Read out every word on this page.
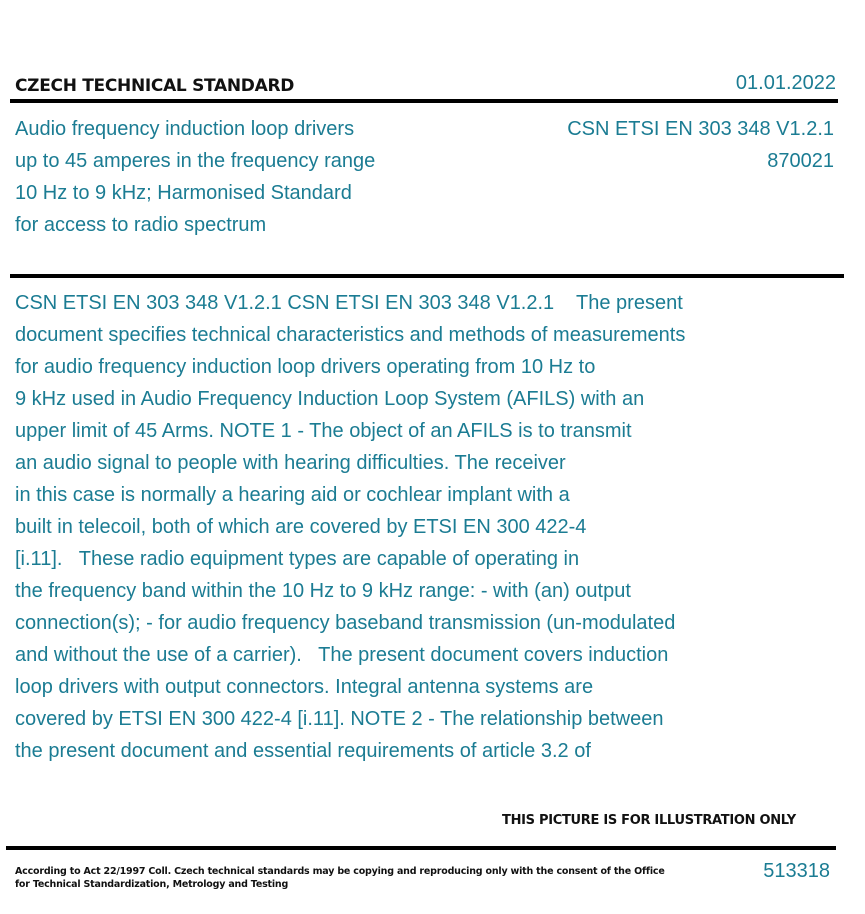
CZECH TECHNICAL STANDARD	01.01.2022
Audio frequency induction loop drivers
up to 45 amperes in the frequency range
10 Hz to 9 kHz; Harmonised Standard
for access to radio spectrum
CSN ETSI EN 303 348 V1.2.1
870021
CSN ETSI EN 303 348 V1.2.1 CSN ETSI EN 303 348 V1.2.1    The present
document specifies technical characteristics and methods of measurements
for audio frequency induction loop drivers operating from 10 Hz to
9 kHz used in Audio Frequency Induction Loop System (AFILS) with an
upper limit of 45 Arms. NOTE 1 - The object of an AFILS is to transmit
an audio signal to people with hearing difficulties. The receiver
in this case is normally a hearing aid or cochlear implant with a
built in telecoil, both of which are covered by ETSI EN 300 422-4
[i.11].   These radio equipment types are capable of operating in
the frequency band within the 10 Hz to 9 kHz range: - with (an) output
connection(s); - for audio frequency baseband transmission (un-modulated
and without the use of a carrier).   The present document covers induction
loop drivers with output connectors. Integral antenna systems are
covered by ETSI EN 300 422-4 [i.11]. NOTE 2 - The relationship between
the present document and essential requirements of article 3.2 of
THIS PICTURE IS FOR ILLUSTRATION ONLY
According to Act 22/1997 Coll. Czech technical standards may be copying and reproducing only with the consent of the Office
for Technical Standardization, Metrology and Testing
513318
